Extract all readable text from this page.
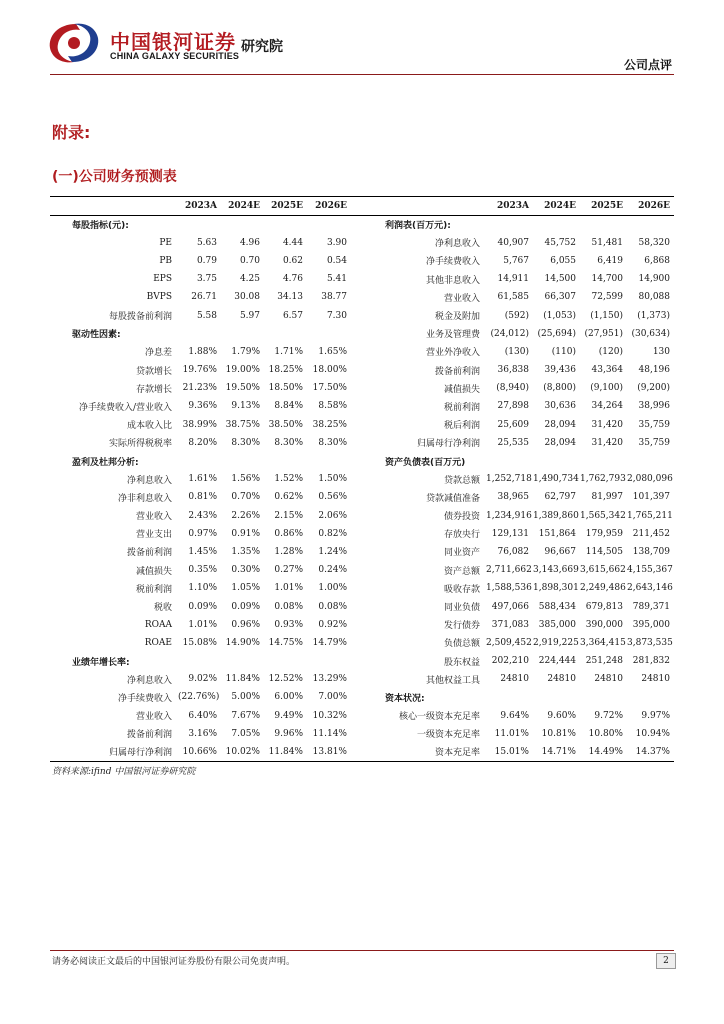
中国银河证券
CHINA GALAXY SECURITIES
研究院
公司点评
附录:
(一)公司财务预测表
	2023A	2024E	2025E	2026E		2023A	2024E	2025E	2026E
每股指标(元):					利润表(百万元):				
PE	5.63	4.96	4.44	3.90	净利息收入	40,907	45,752	51,481	58,320
PB	0.79	0.70	0.62	0.54	净手续费收入	5,767	6,055	6,419	6,868
EPS	3.75	4.25	4.76	5.41	其他非息收入	14,911	14,500	14,700	14,900
BVPS	26.71	30.08	34.13	38.77	营业收入	61,585	66,307	72,599	80,088
每股拨备前利润	5.58	5.97	6.57	7.30	税金及附加	(592)	(1,053)	(1,150)	(1,373)
驱动性因素:					业务及管理费	(24,012)	(25,694)	(27,951)	(30,634)
净息差	1.88%	1.79%	1.71%	1.65%	营业外净收入	(130)	(110)	(120)	130
贷款增长	19.76%	19.00%	18.25%	18.00%	拨备前利润	36,838	39,436	43,364	48,196
存款增长	21.23%	19.50%	18.50%	17.50%	减值损失	(8,940)	(8,800)	(9,100)	(9,200)
净手续费收入/营业收入	9.36%	9.13%	8.84%	8.58%	税前利润	27,898	30,636	34,264	38,996
成本收入比	38.99%	38.75%	38.50%	38.25%	税后利润	25,609	28,094	31,420	35,759
实际所得税税率	8.20%	8.30%	8.30%	8.30%	归属母行净利润	25,535	28,094	31,420	35,759
盈利及杜邦分析:					资产负债表(百万元)				
净利息收入	1.61%	1.56%	1.52%	1.50%	贷款总额	1,252,718	1,490,734	1,762,793	2,080,096
净非利息收入	0.81%	0.70%	0.62%	0.56%	贷款减值准备	38,965	62,797	81,997	101,397
营业收入	2.43%	2.26%	2.15%	2.06%	债券投资	1,234,916	1,389,860	1,565,342	1,765,211
营业支出	0.97%	0.91%	0.86%	0.82%	存放央行	129,131	151,864	179,959	211,452
拨备前利润	1.45%	1.35%	1.28%	1.24%	同业资产	76,082	96,667	114,505	138,709
减值损失	0.35%	0.30%	0.27%	0.24%	资产总额	2,711,662	3,143,669	3,615,662	4,155,367
税前利润	1.10%	1.05%	1.01%	1.00%	吸收存款	1,588,536	1,898,301	2,249,486	2,643,146
税收	0.09%	0.09%	0.08%	0.08%	同业负债	497,066	588,434	679,813	789,371
ROAA	1.01%	0.96%	0.93%	0.92%	发行债券	371,083	385,000	390,000	395,000
ROAE	15.08%	14.90%	14.75%	14.79%	负债总额	2,509,452	2,919,225	3,364,415	3,873,535
业绩年增长率:					股东权益	202,210	224,444	251,248	281,832
净利息收入	9.02%	11.84%	12.52%	13.29%	其他权益工具	24810	24810	24810	24810
净手续费收入	(22.76%)	5.00%	6.00%	7.00%	资本状况:				
营业收入	6.40%	7.67%	9.49%	10.32%	核心一级资本充足率	9.64%	9.60%	9.72%	9.97%
拨备前利润	3.16%	7.05%	9.96%	11.14%	一级资本充足率	11.01%	10.81%	10.80%	10.94%
归属母行净利润	10.66%	10.02%	11.84%	13.81%	资本充足率	15.01%	14.71%	14.49%	14.37%
资料来源:ifind 中国银河证券研究院
请务必阅读正文最后的中国银河证券股份有限公司免责声明。	2
